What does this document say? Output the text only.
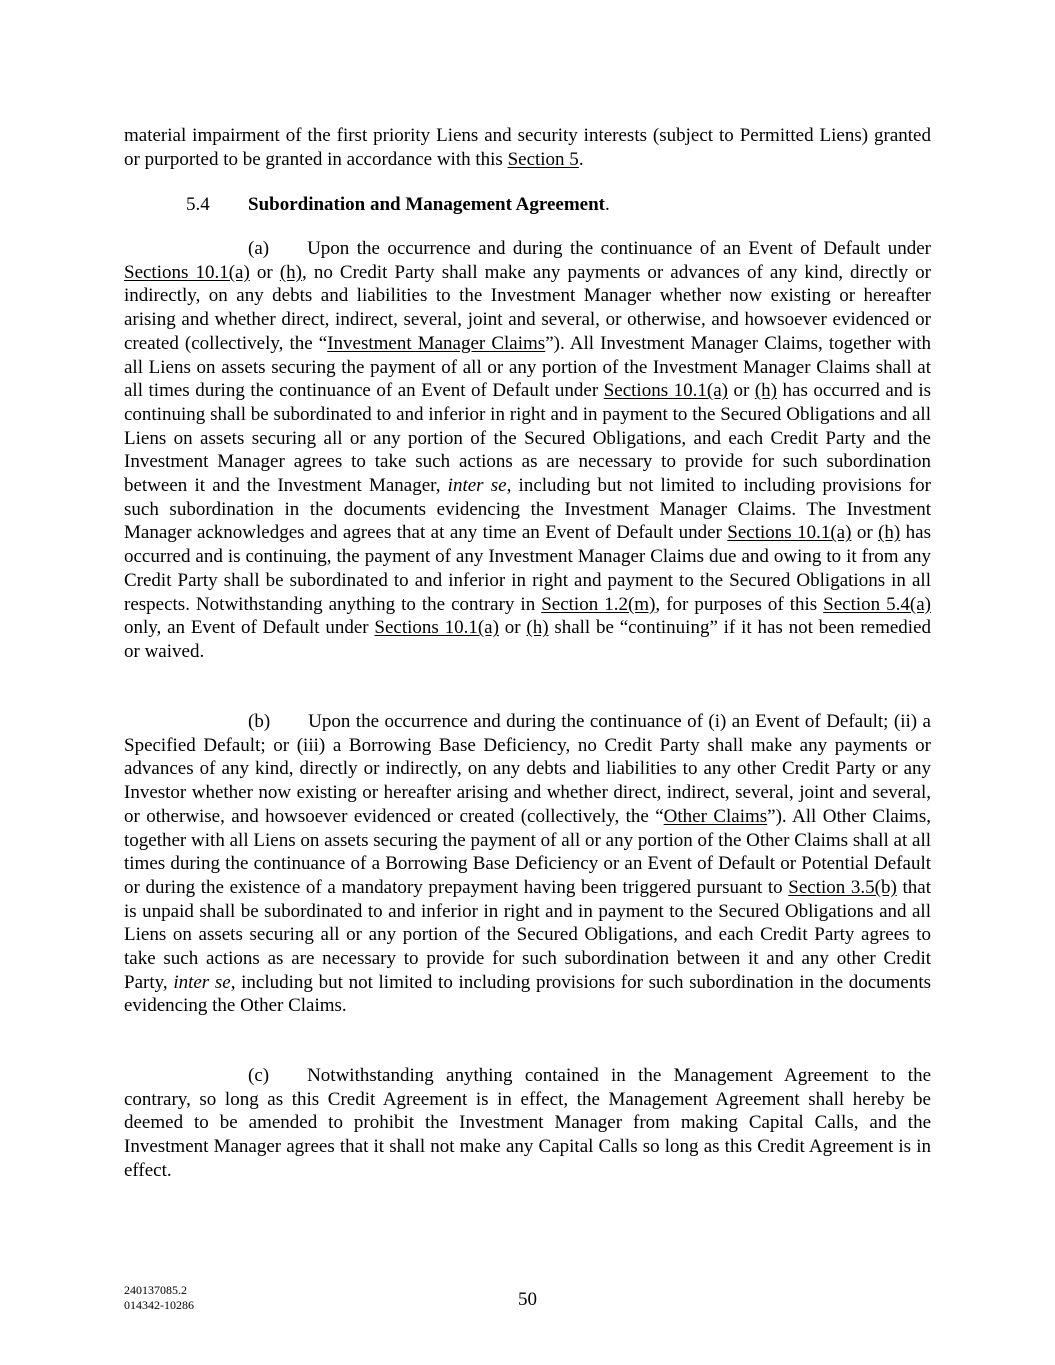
material impairment of the first priority Liens and security interests (subject to Permitted Liens) granted or purported to be granted in accordance with this Section 5.

5.4 Subordination and Management Agreement.

(a)  Upon the occurrence and during the continuance of an Event of Default under Sections 10.1(a) or (h), no Credit Party shall make any payments or advances of any kind, directly or indirectly, on any debts and liabilities to the Investment Manager whether now existing or hereafter arising and whether direct, indirect, several, joint and several, or otherwise, and howsoever evidenced or created (collectively, the “Investment Manager Claims”). All Investment Manager Claims, together with all Liens on assets securing the payment of all or any portion of the Investment Manager Claims shall at all times during the continuance of an Event of Default under Sections 10.1(a) or (h) has occurred and is continuing shall be subordinated to and inferior in right and in payment to the Secured Obligations and all Liens on assets securing all or any portion of the Secured Obligations, and each Credit Party and the Investment Manager agrees to take such actions as are necessary to provide for such subordination between it and the Investment Manager, inter se, including but not limited to including provisions for such subordination in the documents evidencing the Investment Manager Claims. The Investment Manager acknowledges and agrees that at any time an Event of Default under Sections 10.1(a) or (h) has occurred and is continuing, the payment of any Investment Manager Claims due and owing to it from any Credit Party shall be subordinated to and inferior in right and payment to the Secured Obligations in all respects. Notwithstanding anything to the contrary in Section 1.2(m), for purposes of this Section 5.4(a) only, an Event of Default under Sections 10.1(a) or (h) shall be “continuing” if it has not been remedied or waived.

(b)  Upon the occurrence and during the continuance of (i) an Event of Default; (ii) a Specified Default; or (iii) a Borrowing Base Deficiency, no Credit Party shall make any payments or advances of any kind, directly or indirectly, on any debts and liabilities to any other Credit Party or any Investor whether now existing or hereafter arising and whether direct, indirect, several, joint and several, or otherwise, and howsoever evidenced or created (collectively, the “Other Claims”). All Other Claims, together with all Liens on assets securing the payment of all or any portion of the Other Claims shall at all times during the continuance of a Borrowing Base Deficiency or an Event of Default or Potential Default or during the existence of a mandatory prepayment having been triggered pursuant to Section 3.5(b) that is unpaid shall be subordinated to and inferior in right and in payment to the Secured Obligations and all Liens on assets securing all or any portion of the Secured Obligations, and each Credit Party agrees to take such actions as are necessary to provide for such subordination between it and any other Credit Party, inter se, including but not limited to including provisions for such subordination in the documents evidencing the Other Claims.

(c)  Notwithstanding anything contained in the Management Agreement to the contrary, so long as this Credit Agreement is in effect, the Management Agreement shall hereby be deemed to be amended to prohibit the Investment Manager from making Capital Calls, and the Investment Manager agrees that it shall not make any Capital Calls so long as this Credit Agreement is in effect.

240137085.2
014342-10286	50
